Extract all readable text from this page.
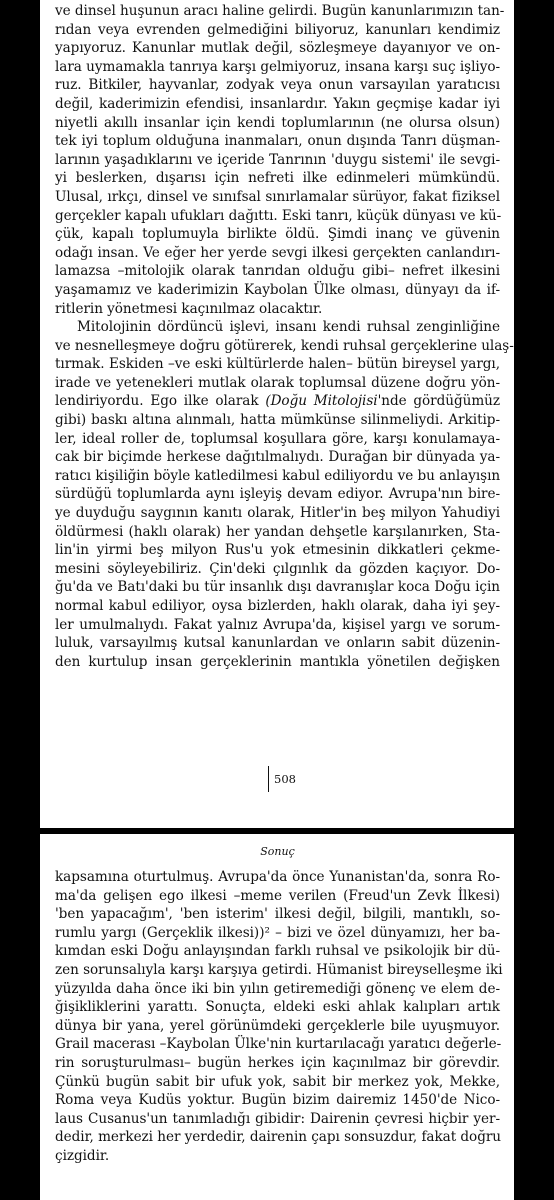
ve dinsel huşunun aracı haline gelirdi. Bugün kanunlarımızın tan-
rıdan veya evrenden gelmediğini biliyoruz, kanunları kendimiz
yapıyoruz. Kanunlar mutlak değil, sözleşmeye dayanıyor ve on-
lara uymamakla tanrıya karşı gelmiyoruz, insana karşı suç işliyo-
ruz. Bitkiler, hayvanlar, zodyak veya onun varsayılan yaratıcısı
değil, kaderimizin efendisi, insanlardır. Yakın geçmişe kadar iyi
niyetli akıllı insanlar için kendi toplumlarının (ne olursa olsun)
tek iyi toplum olduğuna inanmaları, onun dışında Tanrı düşman-
larının yaşadıklarını ve içeride Tanrının 'duygu sistemi' ile sevgi-
yi beslerken, dışarısı için nefreti ilke edinmeleri mümkündü.
Ulusal, ırkçı, dinsel ve sınıfsal sınırlamalar sürüyor, fakat fiziksel
gerçekler kapalı ufukları dağıttı. Eski tanrı, küçük dünyası ve kü-
çük, kapalı toplumuyla birlikte öldü. Şimdi inanç ve güvenin
odağı insan. Ve eğer her yerde sevgi ilkesi gerçekten canlandırı-
lamazsa –mitolojik olarak tanrıdan olduğu gibi– nefret ilkesini
yaşamamız ve kaderimizin Kaybolan Ülke olması, dünyayı da if-
ritlerin yönetmesi kaçınılmaz olacaktır.
Mitolojinin dördüncü işlevi, insanı kendi ruhsal zenginliğine
ve nesnelleşmeye doğru götürerek, kendi ruhsal gerçeklerine ulaş-
tırmak. Eskiden –ve eski kültürlerde halen– bütün bireysel yargı,
irade ve yetenekleri mutlak olarak toplumsal düzene doğru yön-
lendiriyordu. Ego ilke olarak (Doğu Mitolojisi'nde gördüğümüz
gibi) baskı altına alınmalı, hatta mümkünse silinmeliydi. Arkitip-
ler, ideal roller de, toplumsal koşullara göre, karşı konulamaya-
cak bir biçimde herkese dağıtılmalıydı. Durağan bir dünyada ya-
ratıcı kişiliğin böyle katledilmesi kabul ediliyordu ve bu anlayışın
sürdüğü toplumlarda aynı işleyiş devam ediyor. Avrupa'nın bire-
ye duyduğu saygının kanıtı olarak, Hitler'in beş milyon Yahudiyi
öldürmesi (haklı olarak) her yandan dehşetle karşılanırken, Sta-
lin'in yirmi beş milyon Rus'u yok etmesinin dikkatleri çekme-
mesini söyleyebiliriz. Çin'deki çılgınlık da gözden kaçıyor. Do-
ğu'da ve Batı'daki bu tür insanlık dışı davranışlar koca Doğu için
normal kabul ediliyor, oysa bizlerden, haklı olarak, daha iyi şey-
ler umulmalıydı. Fakat yalnız Avrupa'da, kişisel yargı ve sorum-
luluk, varsayılmış kutsal kanunlardan ve onların sabit düzenin-
den kurtulup insan gerçeklerinin mantıkla yönetilen değişken
508
Sonuç
kapsamına oturtulmuş. Avrupa'da önce Yunanistan'da, sonra Ro-
ma'da gelişen ego ilkesi –meme verilen (Freud'un Zevk İlkesi)
'ben yapacağım', 'ben isterim' ilkesi değil, bilgili, mantıklı, so-
rumlu yargı (Gerçeklik ilkesi))² – bizi ve özel dünyamızı, her ba-
kımdan eski Doğu anlayışından farklı ruhsal ve psikolojik bir dü-
zen sorunsalıyla karşı karşıya getirdi. Hümanist bireyselleşme iki
yüzyılda daha önce iki bin yılın getiremediği gönenç ve elem de-
ğişikliklerini yarattı. Sonuçta, eldeki eski ahlak kalıpları artık
dünya bir yana, yerel görünümdeki gerçeklerle bile uyuşmuyor.
Grail macerası –Kaybolan Ülke'nin kurtarılacağı yaratıcı değerle-
rin soruşturulması– bugün herkes için kaçınılmaz bir görevdir.
Çünkü bugün sabit bir ufuk yok, sabit bir merkez yok, Mekke,
Roma veya Kudüs yoktur. Bugün bizim dairemiz 1450'de Nico-
laus Cusanus'un tanımladığı gibidir: Dairenin çevresi hiçbir yer-
dedir, merkezi her yerdedir, dairenin çapı sonsuzdur, fakat doğru
çizgidir.
